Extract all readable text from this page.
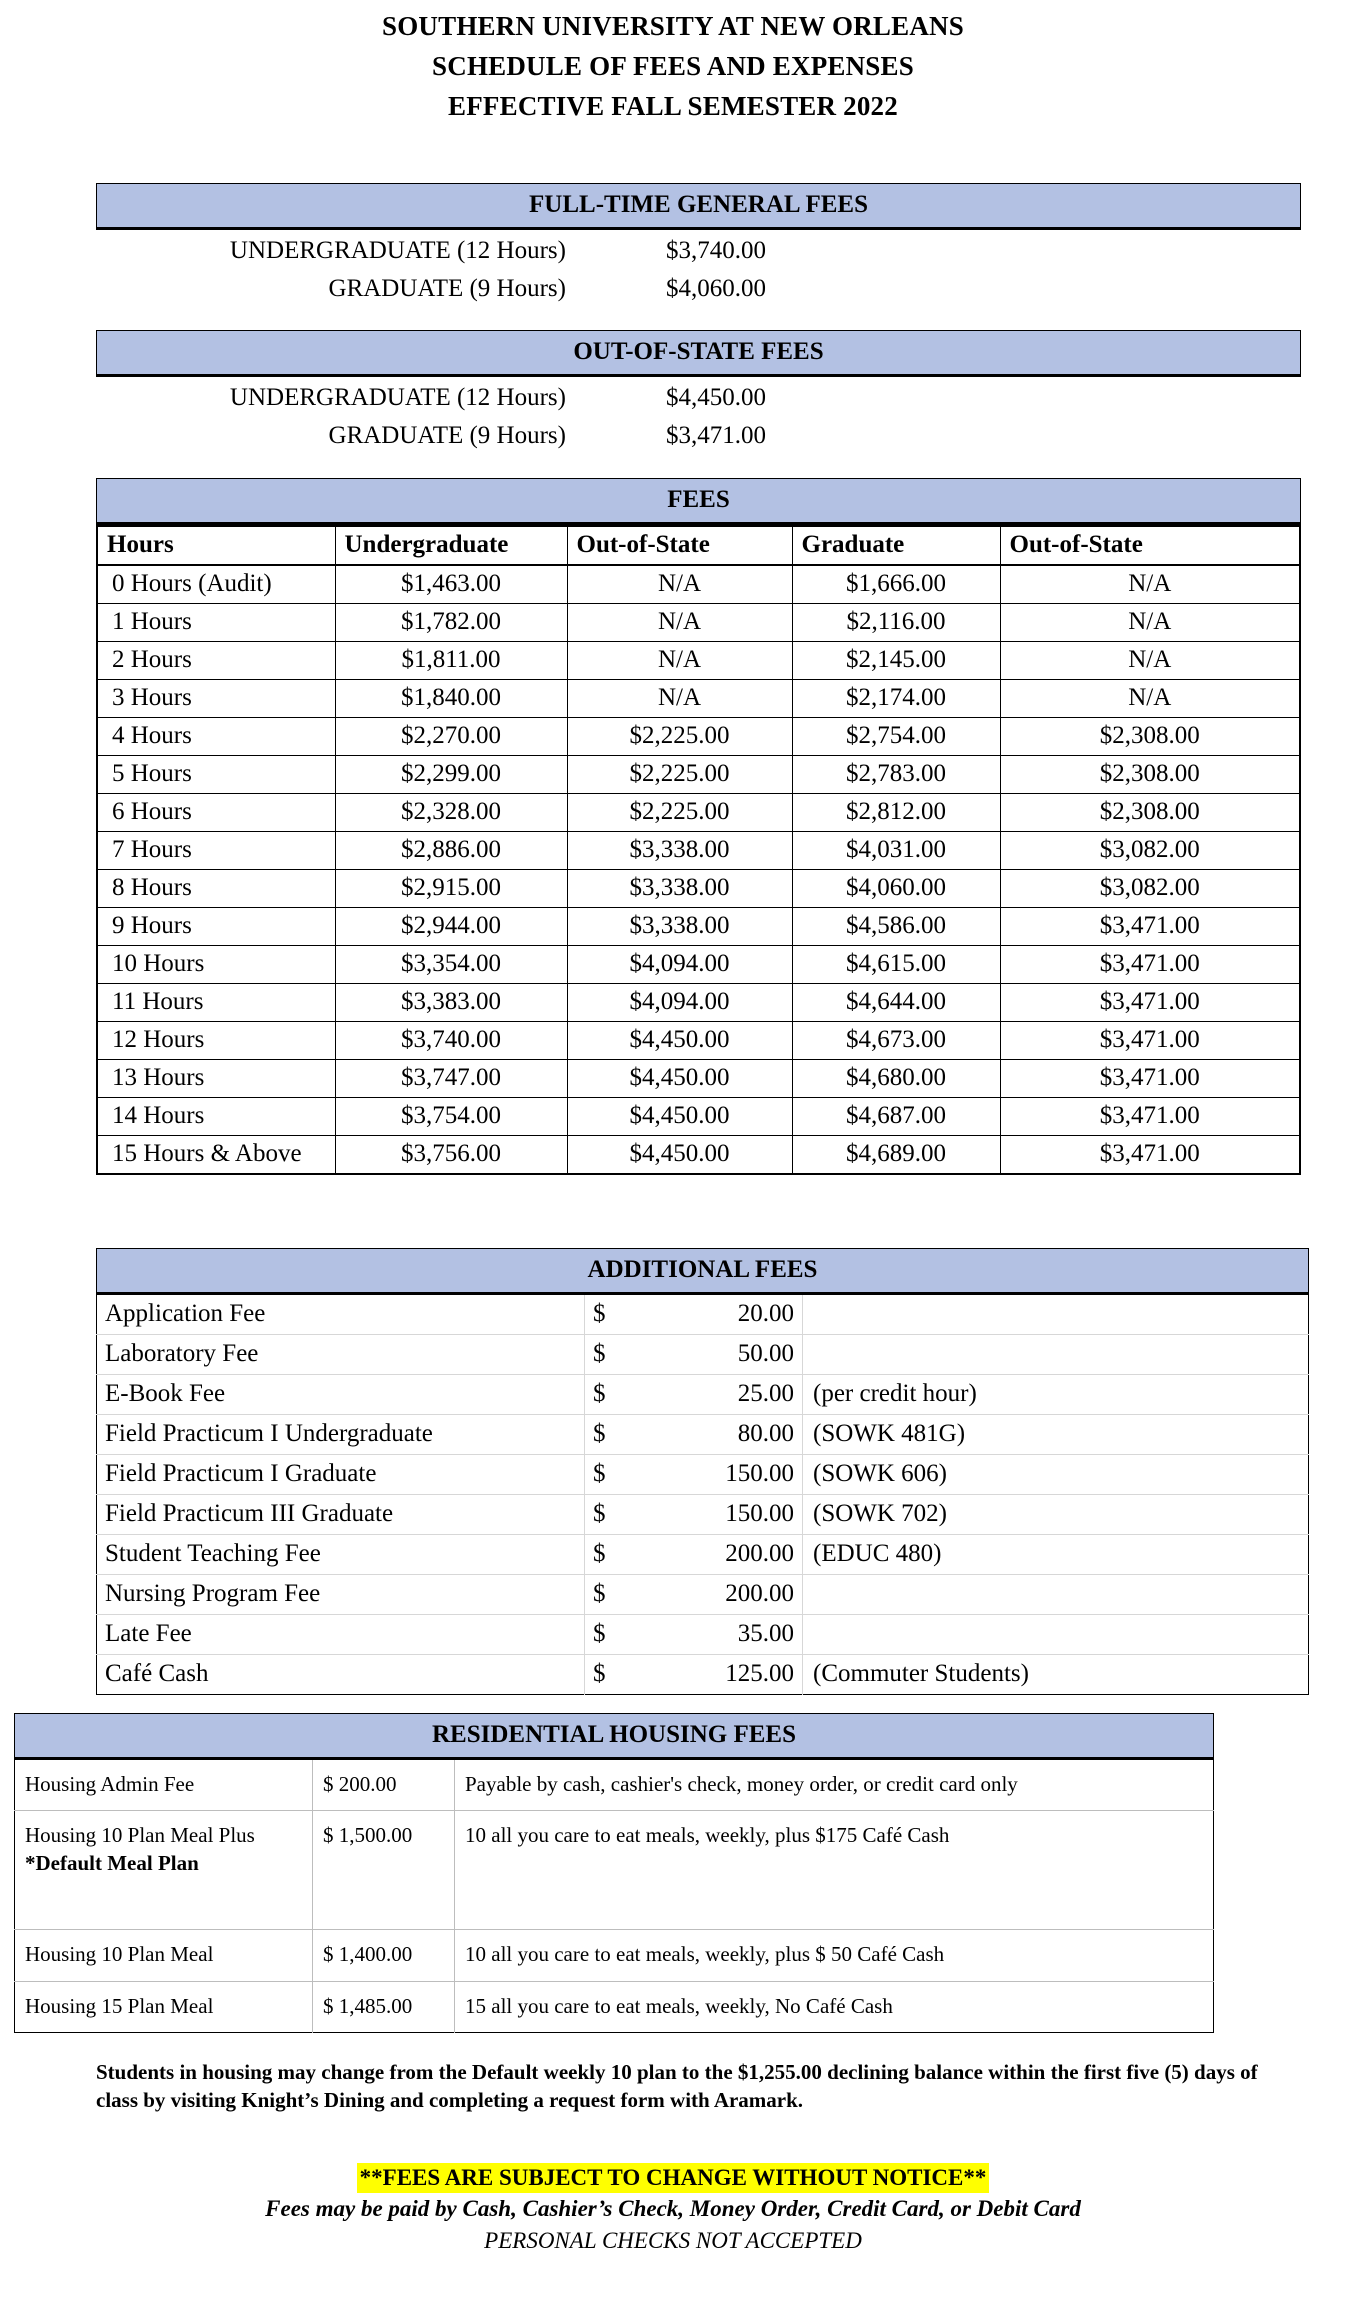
SOUTHERN UNIVERSITY AT NEW ORLEANS
SCHEDULE OF FEES AND EXPENSES
EFFECTIVE FALL SEMESTER 2022
FULL-TIME GENERAL FEES
UNDERGRADUATE (12 Hours)	$3,740.00
GRADUATE (9 Hours)	$4,060.00
OUT-OF-STATE FEES
UNDERGRADUATE (12 Hours)	$4,450.00
GRADUATE (9 Hours)	$3,471.00
FEES
Hours	Undergraduate	Out-of-State	Graduate	Out-of-State
0 Hours (Audit)	$1,463.00	N/A	$1,666.00	N/A
1 Hours	$1,782.00	N/A	$2,116.00	N/A
2 Hours	$1,811.00	N/A	$2,145.00	N/A
3 Hours	$1,840.00	N/A	$2,174.00	N/A
4 Hours	$2,270.00	$2,225.00	$2,754.00	$2,308.00
5 Hours	$2,299.00	$2,225.00	$2,783.00	$2,308.00
6 Hours	$2,328.00	$2,225.00	$2,812.00	$2,308.00
7 Hours	$2,886.00	$3,338.00	$4,031.00	$3,082.00
8 Hours	$2,915.00	$3,338.00	$4,060.00	$3,082.00
9 Hours	$2,944.00	$3,338.00	$4,586.00	$3,471.00
10 Hours	$3,354.00	$4,094.00	$4,615.00	$3,471.00
11 Hours	$3,383.00	$4,094.00	$4,644.00	$3,471.00
12 Hours	$3,740.00	$4,450.00	$4,673.00	$3,471.00
13 Hours	$3,747.00	$4,450.00	$4,680.00	$3,471.00
14 Hours	$3,754.00	$4,450.00	$4,687.00	$3,471.00
15 Hours & Above	$3,756.00	$4,450.00	$4,689.00	$3,471.00
ADDITIONAL FEES
Application Fee	$	20.00	
Laboratory Fee	$	50.00	
E-Book Fee	$	25.00	(per credit hour)
Field Practicum I Undergraduate	$	80.00	(SOWK 481G)
Field Practicum I Graduate	$	150.00	(SOWK 606)
Field Practicum III Graduate	$	150.00	(SOWK 702)
Student Teaching Fee	$	200.00	(EDUC 480)
Nursing Program Fee	$	200.00	
Late Fee	$	35.00	
Café Cash	$	125.00	(Commuter Students)
RESIDENTIAL HOUSING FEES
Housing Admin Fee	$ 200.00	Payable by cash, cashier's check, money order, or credit card only
Housing 10 Plan Meal Plus
*Default Meal Plan	$ 1,500.00	10 all you care to eat meals, weekly, plus $175 Café Cash
Housing 10 Plan Meal	$ 1,400.00	10 all you care to eat meals, weekly, plus $ 50 Café Cash
Housing 15 Plan Meal	$ 1,485.00	15 all you care to eat meals, weekly, No Café Cash
Students in housing may change from the Default weekly 10 plan to the $1,255.00 declining balance within the first five (5) days of class by visiting Knight’s Dining and completing a request form with Aramark.
**FEES ARE SUBJECT TO CHANGE WITHOUT NOTICE**
Fees may be paid by Cash, Cashier’s Check, Money Order, Credit Card, or Debit Card
PERSONAL CHECKS NOT ACCEPTED
